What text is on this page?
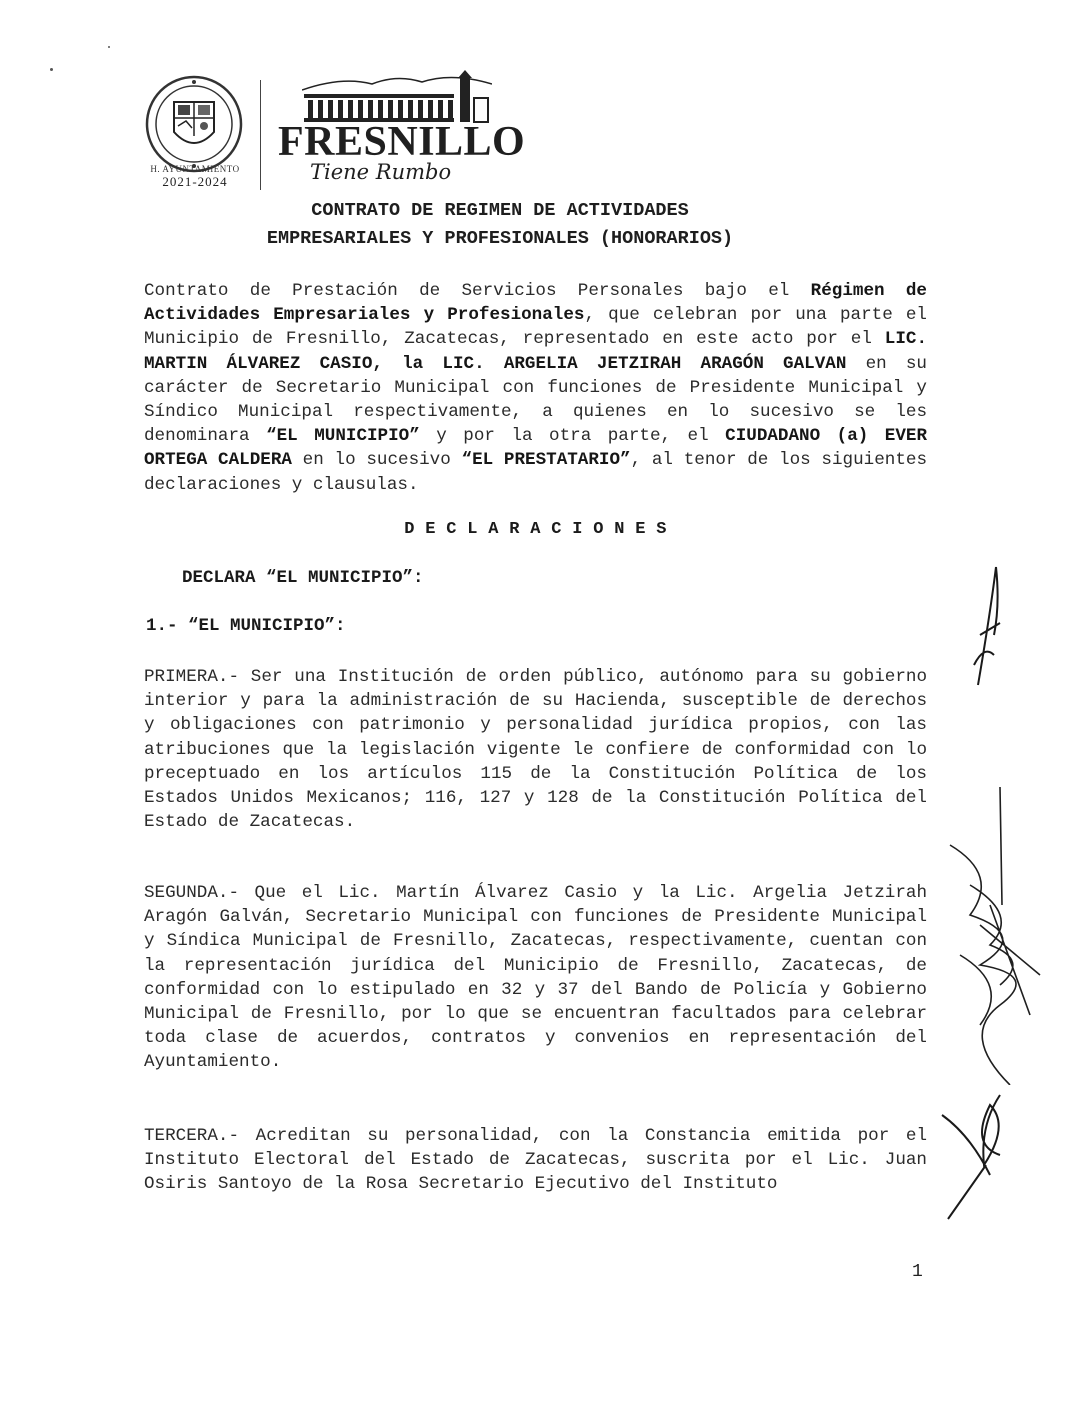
H. AYUNTAMIENTO
2021-2024
FRESNILLO
Tiene Rumbo
CONTRATO DE REGIMEN DE ACTIVIDADES
EMPRESARIALES Y PROFESIONALES (HONORARIOS)
Contrato de Prestación de Servicios Personales bajo el Régimen de Actividades Empresariales y Profesionales, que celebran por una parte el Municipio de Fresnillo, Zacatecas, representado en este acto por el LIC. MARTIN ÁLVAREZ CASIO, la LIC. ARGELIA JETZIRAH ARAGÓN GALVAN en su carácter de Secretario Municipal con funciones de Presidente Municipal y Síndico Municipal respectivamente, a quienes en lo sucesivo se les denominara “EL MUNICIPIO” y por la otra parte, el CIUDADANO (a) EVER ORTEGA CALDERA en lo sucesivo “EL PRESTATARIO”, al tenor de los siguientes declaraciones y clausulas.
D E C L A R A C I O N E S
DECLARA “EL MUNICIPIO”:
1.- “EL MUNICIPIO”:
PRIMERA.- Ser una Institución de orden público, autónomo para su gobierno interior y para la administración de su Hacienda, susceptible de derechos y obligaciones con patrimonio y personalidad jurídica propios, con las atribuciones que la legislación vigente le confiere de conformidad con lo preceptuado en los artículos 115 de la Constitución Política de los Estados Unidos Mexicanos; 116, 127 y 128 de la Constitución Política del Estado de Zacatecas.
SEGUNDA.- Que el Lic. Martín Álvarez Casio y la Lic. Argelia Jetzirah Aragón Galván, Secretario Municipal con funciones de Presidente Municipal y Síndica Municipal de Fresnillo, Zacatecas, respectivamente, cuentan con la representación jurídica del Municipio de Fresnillo, Zacatecas, de conformidad con lo estipulado en 32 y 37 del Bando de Policía y Gobierno Municipal de Fresnillo, por lo que se encuentran facultados para celebrar toda clase de acuerdos, contratos y convenios en representación del Ayuntamiento.
TERCERA.- Acreditan su personalidad, con la Constancia emitida por el Instituto Electoral del Estado de Zacatecas, suscrita por el Lic. Juan Osiris Santoyo de la Rosa Secretario Ejecutivo del Instituto
1
